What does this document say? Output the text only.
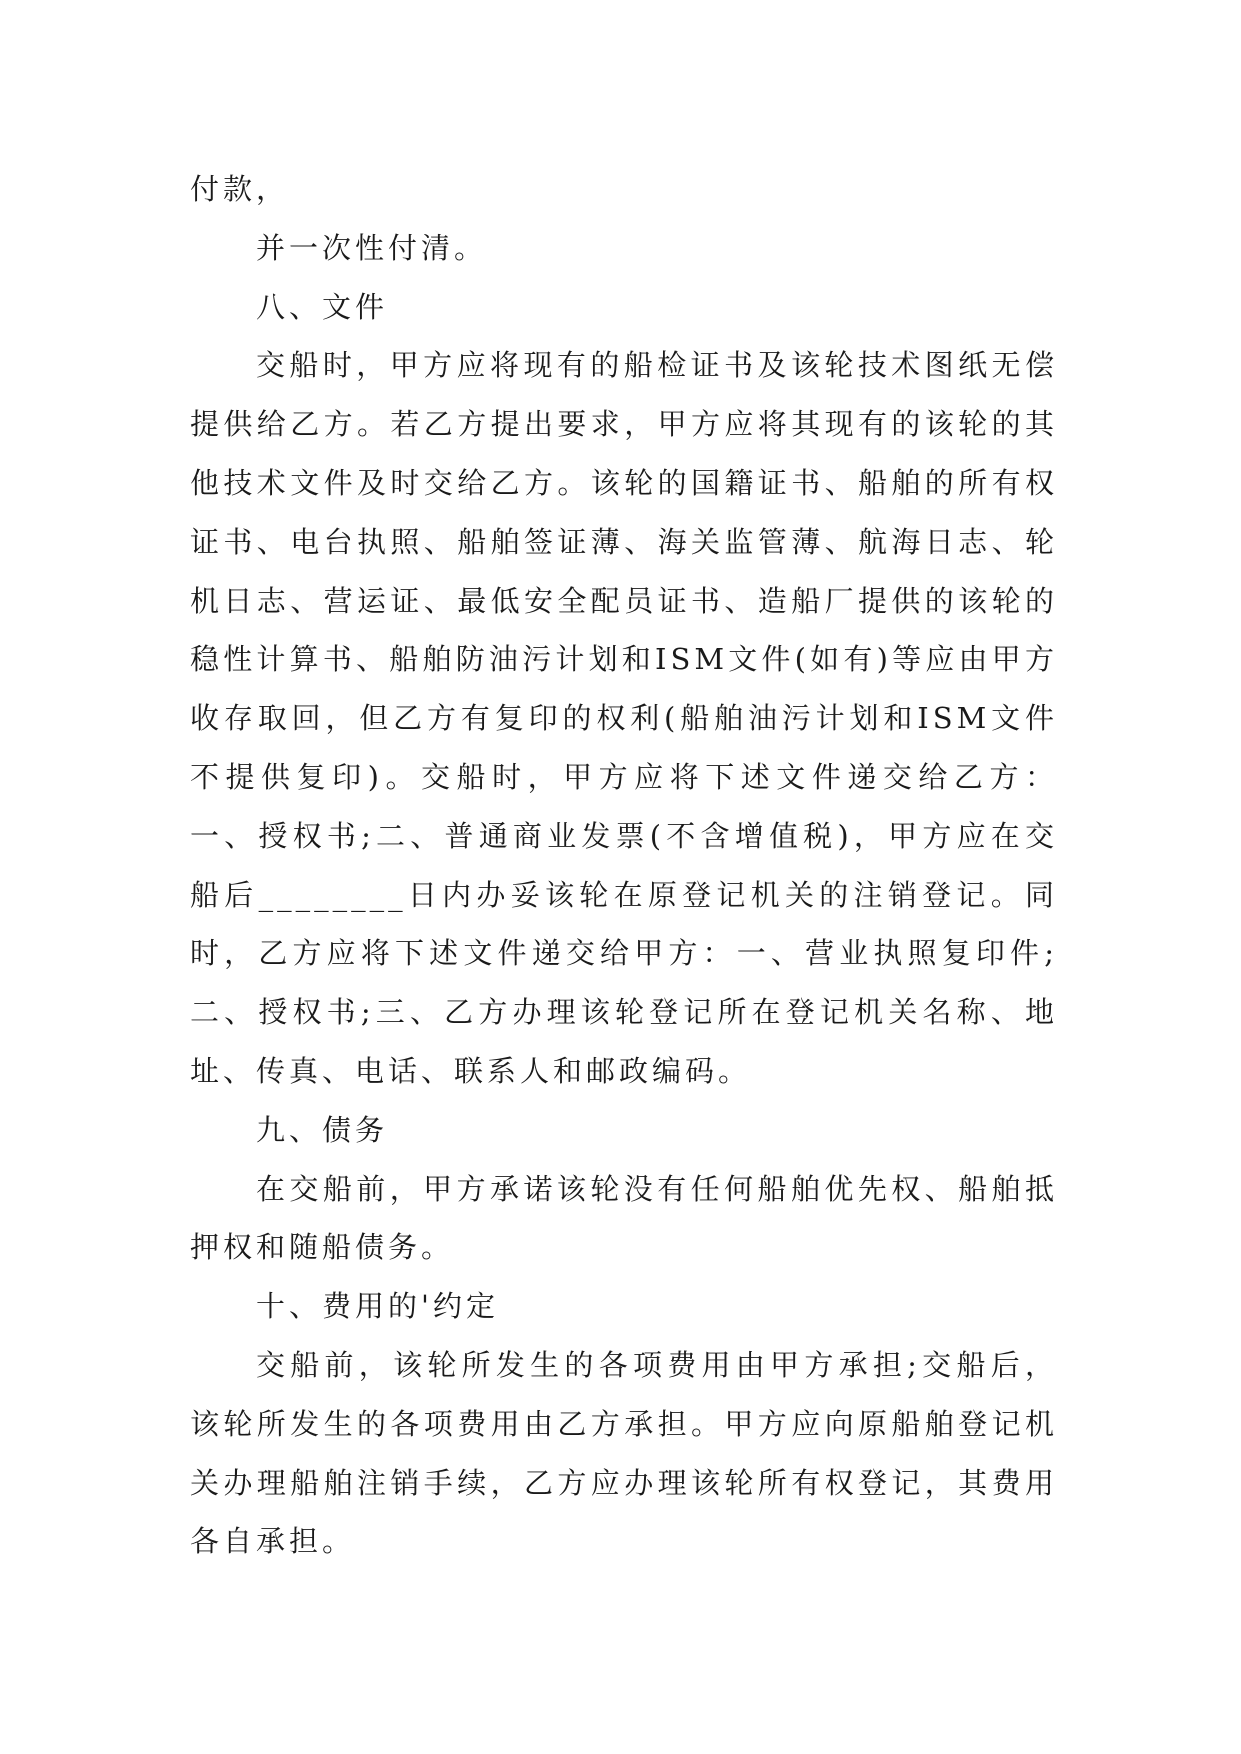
付款，

并一次性付清。

八、文件

交船时，甲方应将现有的船检证书及该轮技术图纸无偿提供给乙方。若乙方提出要求，甲方应将其现有的该轮的其他技术文件及时交给乙方。该轮的国籍证书、船舶的所有权证书、电台执照、船舶签证薄、海关监管薄、航海日志、轮机日志、营运证、最低安全配员证书、造船厂提供的该轮的稳性计算书、船舶防油污计划和ISM文件(如有)等应由甲方收存取回，但乙方有复印的权利(船舶油污计划和ISM文件不提供复印)。交船时，甲方应将下述文件递交给乙方：一、授权书;二、普通商业发票(不含增值税)，甲方应在交船后________日内办妥该轮在原登记机关的注销登记。同时，乙方应将下述文件递交给甲方：一、营业执照复印件;二、授权书;三、乙方办理该轮登记所在登记机关名称、地址、传真、电话、联系人和邮政编码。

九、债务

在交船前，甲方承诺该轮没有任何船舶优先权、船舶抵押权和随船债务。

十、费用的'约定

交船前，该轮所发生的各项费用由甲方承担;交船后，该轮所发生的各项费用由乙方承担。甲方应向原船舶登记机关办理船舶注销手续，乙方应办理该轮所有权登记，其费用各自承担。
